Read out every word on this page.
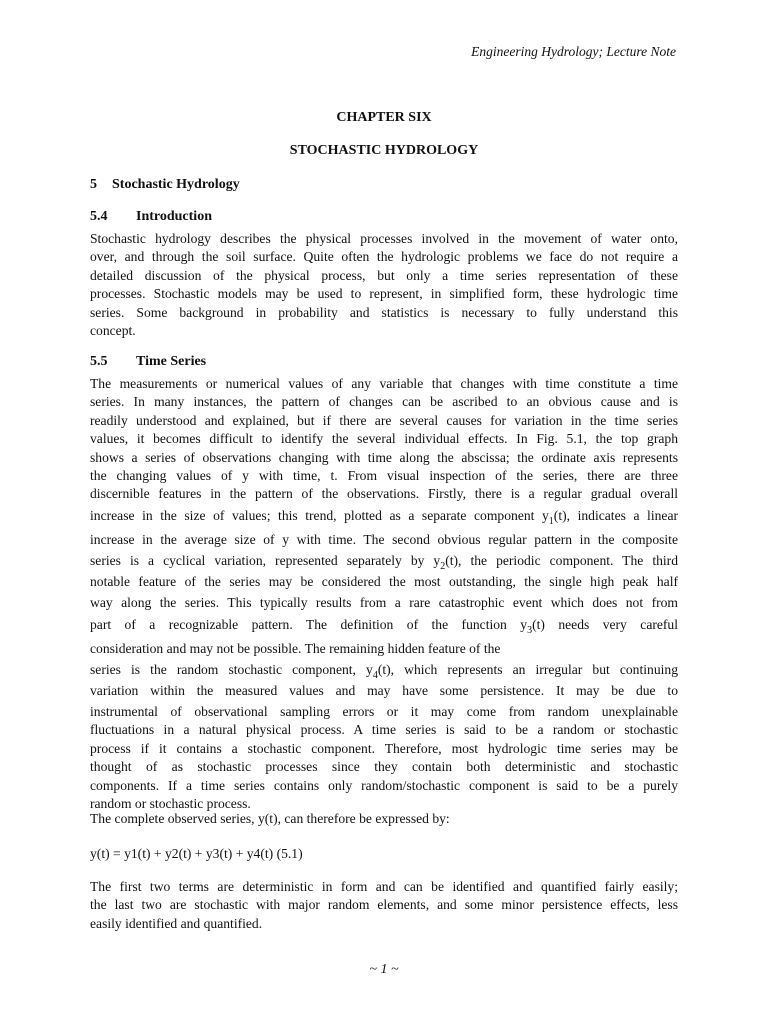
Engineering Hydrology; Lecture Note
CHAPTER SIX
STOCHASTIC HYDROLOGY
5 Stochastic Hydrology
5.4 Introduction
Stochastic hydrology describes the physical processes involved in the movement of water onto,
over, and through the soil surface. Quite often the hydrologic problems we face do not require a
detailed discussion of the physical process, but only a time series representation of these
processes. Stochastic models may be used to represent, in simplified form, these hydrologic time
series. Some background in probability and statistics is necessary to fully understand this
concept.
5.5 Time Series
The measurements or numerical values of any variable that changes with time constitute a time
series. In many instances, the pattern of changes can be ascribed to an obvious cause and is
readily understood and explained, but if there are several causes for variation in the time series
values, it becomes difficult to identify the several individual effects. In Fig. 5.1, the top graph
shows a series of observations changing with time along the abscissa; the ordinate axis represents
the changing values of y with time, t. From visual inspection of the series, there are three
discernible features in the pattern of the observations. Firstly, there is a regular gradual overall
increase in the size of values; this trend, plotted as a separate component $y_1(t)$, indicates a linear
increase in the average size of y with time. The second obvious regular pattern in the composite
series is a cyclical variation, represented separately by $y_2(t)$, the periodic component. The third
notable feature of the series may be considered the most outstanding, the single high peak half
way along the series. This typically results from a rare catastrophic event which does not from
part of a recognizable pattern. The definition of the function $y_3(t)$ needs very careful
consideration and may not be possible. The remaining hidden feature of the
series is the random stochastic component, $y_4(t)$, which represents an irregular but continuing
variation within the measured values and may have some persistence. It may be due to
instrumental of observational sampling errors or it may come from random unexplainable
fluctuations in a natural physical process. A time series is said to be a random or stochastic
process if it contains a stochastic component. Therefore, most hydrologic time series may be
thought of as stochastic processes since they contain both deterministic and stochastic
components. If a time series contains only random/stochastic component is said to be a purely
random or stochastic process.
The complete observed series, y(t), can therefore be expressed by:
y(t) = y1(t) + y2(t) + y3(t) + y4(t) (5.1)
The first two terms are deterministic in form and can be identified and quantified fairly easily;
the last two are stochastic with major random elements, and some minor persistence effects, less
easily identified and quantified.
~ 1 ~
